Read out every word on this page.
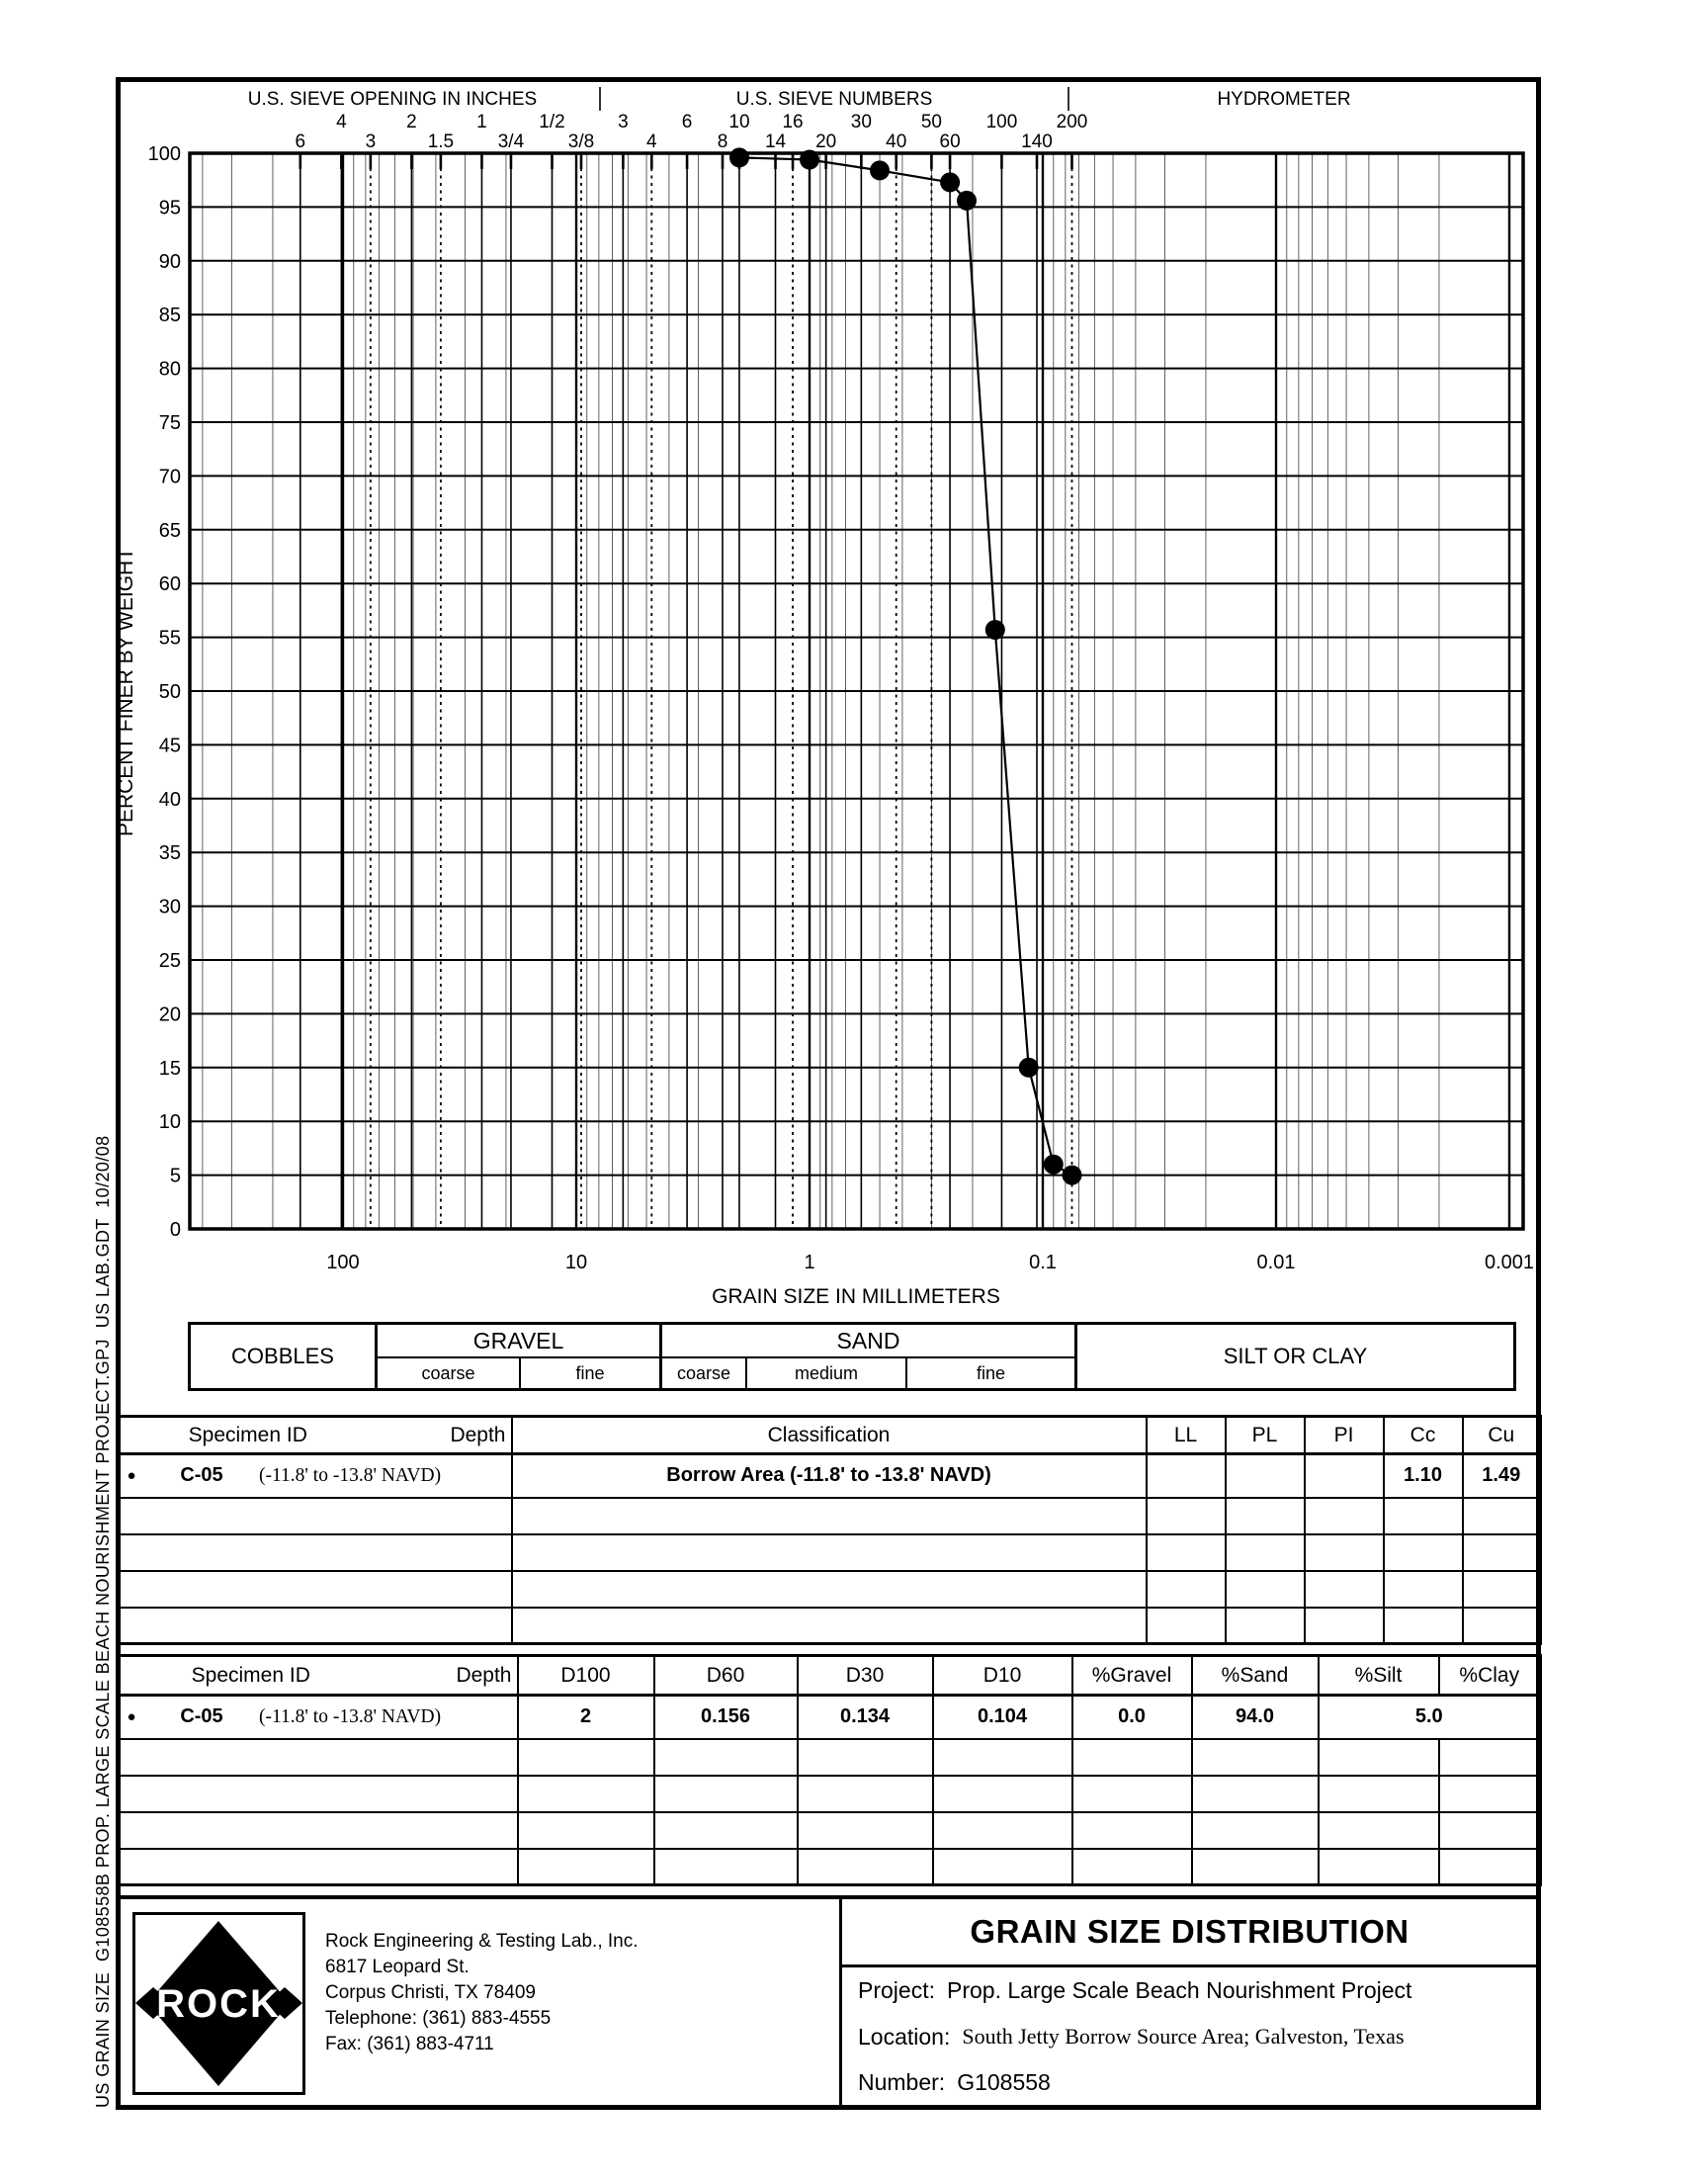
0
5
10
15
20
25
30
35
40
45
50
55
60
65
70
75
80
85
90
95
100
100	10	1	0.1	0.01	0.001
6
4
3
2
1.5
1
3/4
1/2
3/8
3
4
6
8
10
14
16
20
30
40
50
60
100
140
200
U.S. SIEVE OPENING IN INCHES	U.S. SIEVE NUMBERS	HYDROMETER
PERCENT FINER BY WEIGHT
GRAIN SIZE IN MILLIMETERS
COBBLES
GRAVEL
coarse	fine
SAND
coarse	medium	fine
SILT OR CLAY
Specimen ID Depth	Classification	LL	PL	PI	Cc	Cu

● C-05 (-11.8' to -13.8' NAVD)	Borrow Area (-11.8' to -13.8' NAVD)				1.10	1.49

Specimen ID Depth	D100	D60	D30	D10	%Gravel	%Sand	%Silt	%Clay

● C-05 (-11.8' to -13.8' NAVD)	2	0.156	0.134	0.104	0.0	94.0	5.0	

ROCK
Rock Engineering & Testing Lab., Inc.
6817 Leopard St.
Corpus Christi, TX 78409
Telephone: (361) 883-4555
Fax: (361) 883-4711
GRAIN SIZE DISTRIBUTION
Project: Prop. Large Scale Beach Nourishment Project
Location: South Jetty Borrow Source Area; Galveston, Texas
Number: G108558
US GRAIN SIZE  G108558B PROP. LARGE SCALE BEACH NOURISHMENT PROJECT.GPJ  US LAB.GDT  10/20/08
